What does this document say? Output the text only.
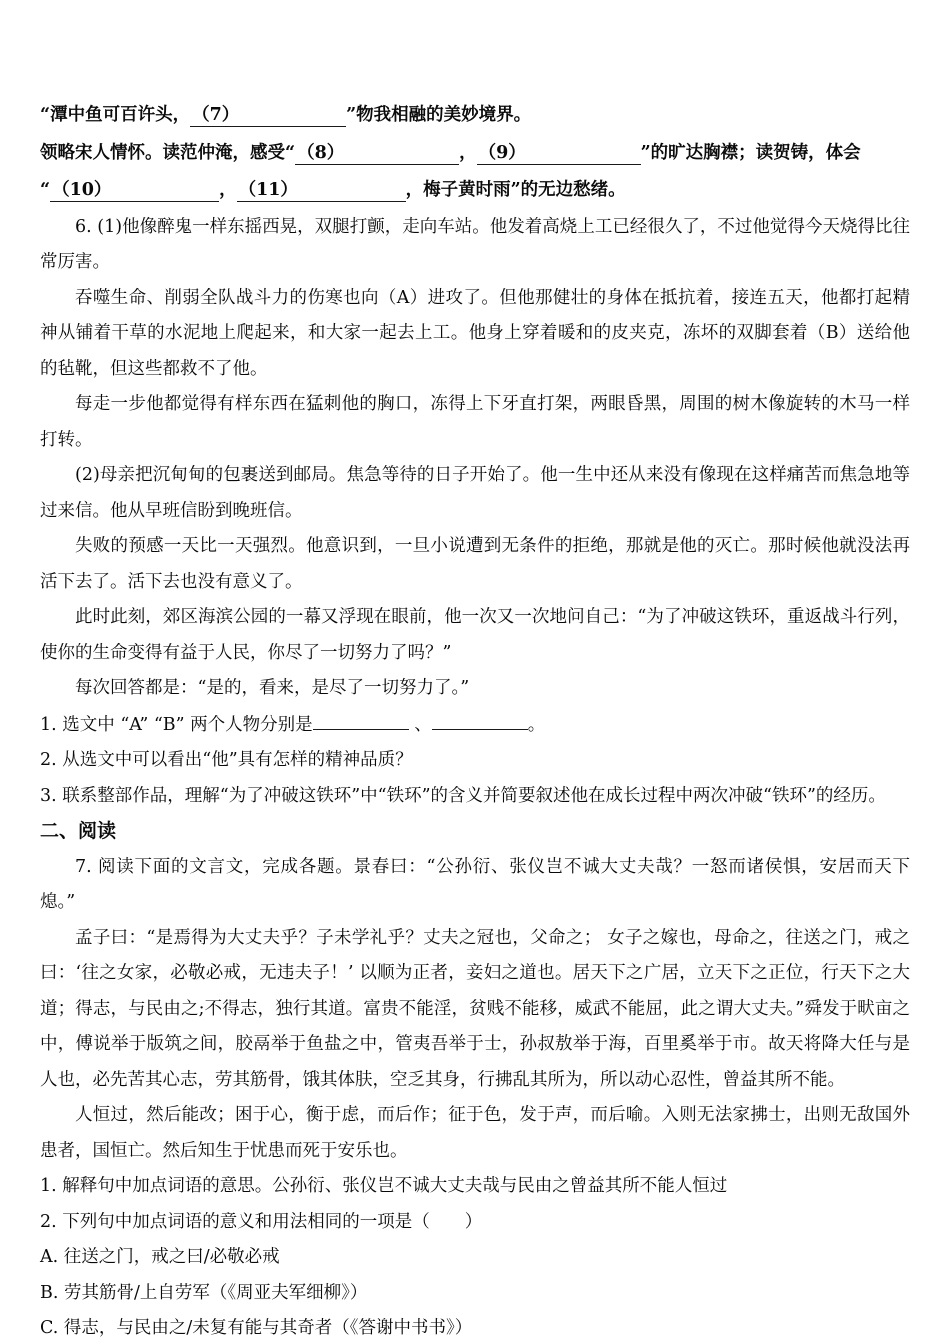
“潭中鱼可百许头， （7）	”物我相融的美妙境界。

领略宋人情怀。读范仲淹，感受“ （8）	， （9）	”的旷达胸襟；读贺铸，体会

“ （10）	， （11）	，梅子黄时雨”的无边愁绪。

6. (1)他像醉鬼一样东摇西晃，双腿打颤，走向车站。他发着高烧上工已经很久了，不过他觉得今天烧得比往常厉害。

吞噬生命、削弱全队战斗力的伤寒也向（A）进攻了。但他那健壮的身体在抵抗着，接连五天，他都打起精神从铺着干草的水泥地上爬起来，和大家一起去上工。他身上穿着暖和的皮夹克，冻坏的双脚套着（B）送给他的毡靴，但这些都救不了他。

每走一步他都觉得有样东西在猛刺他的胸口，冻得上下牙直打架，两眼昏黑，周围的树木像旋转的木马一样打转。

(2)母亲把沉甸甸的包裹送到邮局。焦急等待的日子开始了。他一生中还从来没有像现在这样痛苦而焦急地等过来信。他从早班信盼到晚班信。

失败的预感一天比一天强烈。他意识到，一旦小说遭到无条件的拒绝，那就是他的灭亡。那时候他就没法再活下去了。活下去也没有意义了。

此时此刻，郊区海滨公园的一幕又浮现在眼前，他一次又一次地问自己：“为了冲破这铁环，重返战斗行列，使你的生命变得有益于人民，你尽了一切努力了吗？”

每次回答都是：“是的，看来，是尽了一切努力了。”

1. 选文中 “A” “B” 两个人物分别是	、	。

2. 从选文中可以看出“他”具有怎样的精神品质？

3. 联系整部作品，理解“为了冲破这铁环”中“铁环”的含义并简要叙述他在成长过程中两次冲破“铁环”的经历。

二、阅读

7. 阅读下面的文言文，完成各题。景春曰：“公孙衍、张仪岂不诚大丈夫哉？一怒而诸侯惧，安居而天下熄。”

孟子曰：“是焉得为大丈夫乎？子未学礼乎？丈夫之冠也，父命之； 女子之嫁也，母命之，往送之门，戒之曰：‘往之女家，必敬必戒，无违夫子！’ 以顺为正者，妾妇之道也。居天下之广居，立天下之正位，行天下之大道；得志，与民由之;不得志，独行其道。富贵不能淫，贫贱不能移，威武不能屈，此之谓大丈夫。”舜发于畎亩之中，傅说举于版筑之间，胶鬲举于鱼盐之中，管夷吾举于士，孙叔敖举于海，百里奚举于市。故天将降大任与是人也，必先苦其心志，劳其筋骨，饿其体肤，空乏其身，行拂乱其所为，所以动心忍性，曾益其所不能。

人恒过，然后能改；困于心，衡于虑，而后作；征于色，发于声，而后喻。入则无法家拂士，出则无敌国外患者，国恒亡。然后知生于忧患而死于安乐也。

1. 解释句中加点词语的意思。公孙衍、张仪岂不诚大丈夫哉与民由之曾益其所不能人恒过

2. 下列句中加点词语的意义和用法相同的一项是（　　）

A. 往送之门，戒之曰/必敬必戒

B. 劳其筋骨/上自劳军（《周亚夫军细柳》）

C. 得志，与民由之/未复有能与其奇者（《答谢中书书》）
